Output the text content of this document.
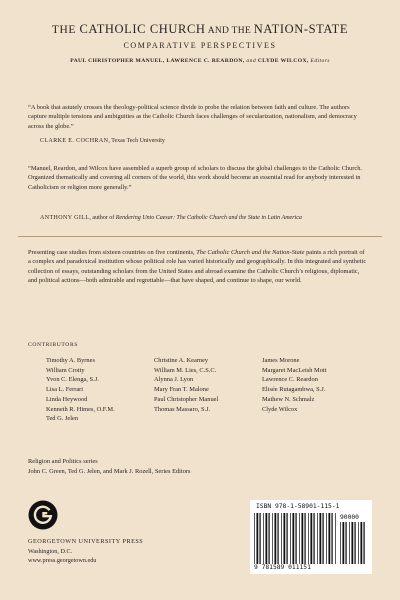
THE CATHOLIC CHURCH AND THE NATION-STATE
COMPARATIVE PERSPECTIVES
PAUL CHRISTOPHER MANUEL, LAWRENCE C. REARDON, and CLYDE WILCOX, Editors
“A book that astutely crosses the theology-political science divide to probe the relation between faith and culture. The authors capture multiple tensions and ambiguities as the Catholic Church faces challenges of secularization, nationalism, and democracy across the globe.”
CLARKE E. COCHRAN, Texas Tech University
“Manuel, Reardon, and Wilcox have assembled a superb group of scholars to discuss the global challenges to the Catholic Church. Organized thematically and covering all corners of the world, this work should become an essential read for anybody interested in Catholicism or religion more generally.”
ANTHONY GILL, author of Rendering Unto Caesar: The Catholic Church and the State in Latin America
Presenting case studies from sixteen countries on five continents, The Catholic Church and the Nation-State paints a rich portrait of a complex and paradoxical institution whose political role has varied historically and geographically. In this integrated and synthetic collection of essays, outstanding scholars from the United States and abroad examine the Catholic Church’s religious, diplomatic, and political actions—both admirable and regrettable—that have shaped, and continue to shape, our world.
CONTRIBUTORS
Timothy A. Byrnes
William Crotty
Yvon C. Elenga, S.J.
Lisa L. Ferrari
Linda Heywood
Kenneth R. Himes, O.F.M.
Ted G. Jelen
Christine A. Kearney
William M. Lies, C.S.C.
Alynna J. Lyon
Mary Fran T. Malone
Paul Christopher Manuel
Thomas Massaro, S.J.
James Morone
Margaret MacLeish Mott
Lawrence C. Reardon
Elisée Rutagambwa, S.J.
Mathew N. Schmalz
Clyde Wilcox
Religion and Politics series
John C. Green, Ted G. Jelen, and Mark J. Rozell, Series Editors
GEORGETOWN UNIVERSITY PRESS
Washington, D.C.
www.press.georgetown.edu
ISBN 978-1-58901-115-1
90000
9 781589 011151
